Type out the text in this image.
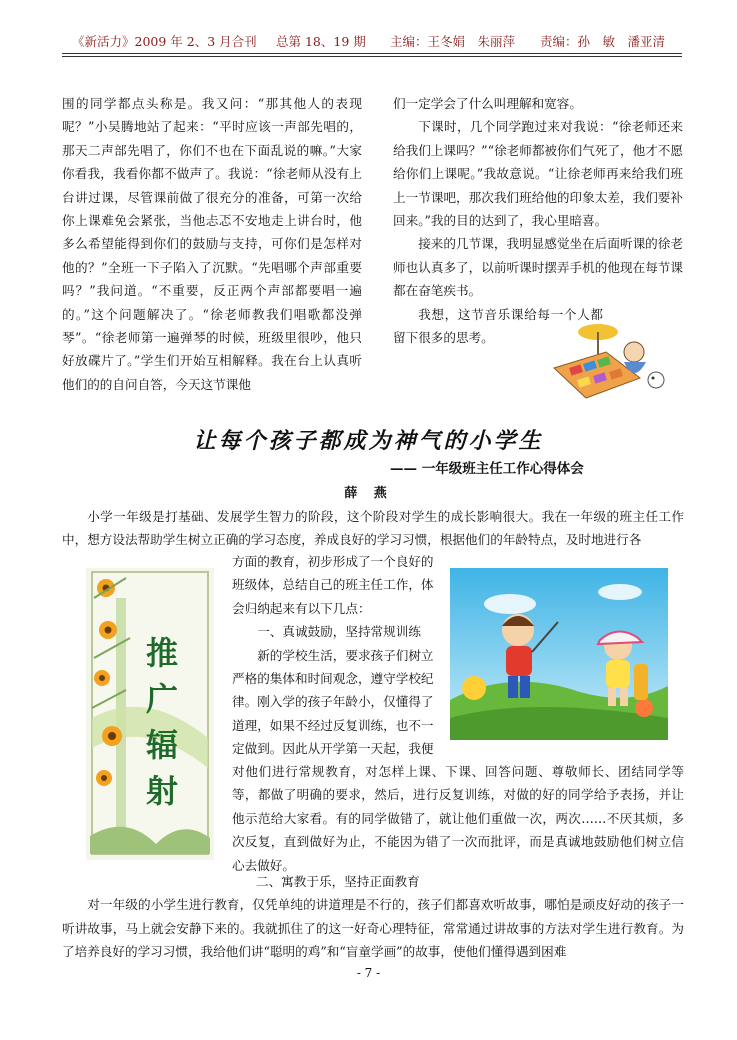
《新活力》2009 年 2、3 月合刊 总第 18、19 期 主编：王冬娟　朱丽萍 责编：孙　敏　潘亚清

围的同学都点头称是。我又问：“那其他人的表现呢？”小吴腾地站了起来：“平时应该一声部先唱的，那天二声部先唱了，你们不也在下面乱说的嘛。”大家你看我，我看你都不做声了。我说：“徐老师从没有上台讲过课，尽管课前做了很充分的准备，可第一次给你上课难免会紧张，当他忐忑不安地走上讲台时，他多么希望能得到你们的鼓励与支持，可你们是怎样对他的？”全班一下子陷入了沉默。“先唱哪个声部重要吗？”我问道。“不重要，反正两个声部都要唱一遍的。”这个问题解决了。“徐老师教我们唱歌都没弹琴”。“徐老师第一遍弹琴的时候，班级里很吵，他只好放碟片了。”学生们开始互相解释。我在台上认真听他们的的自问自答，今天这节课他

们一定学会了什么叫理解和宽容。

下课时，几个同学跑过来对我说：“徐老师还来给我们上课吗？”“徐老师都被你们气死了，他才不愿给你们上课呢。”我故意说。“让徐老师再来给我们班上一节课吧，那次我们班给他的印象太差，我们要补回来。”我的目的达到了，我心里暗喜。

接来的几节课，我明显感觉坐在后面听课的徐老师也认真多了，以前听课时摆弄手机的他现在每节课都在奋笔疾书。

我想，这节音乐课给每一个人都留下很多的思考。

让每个孩子都成为神气的小学生
—— 一年级班主任工作心得体会
薛 燕

小学一年级是打基础、发展学生智力的阶段，这个阶段对学生的成长影响很大。我在一年级的班主任工作中，想方设法帮助学生树立正确的学习态度，养成良好的学习习惯，根据他们的年龄特点，及时地进行各

推广辐射

方面的教育，初步形成了一个良好的

班级体，总结自己的班主任工作，体

会归纳起来有以下几点：

一、真诚鼓励，坚持常规训练

新的学校生活，要求孩子们树立

严格的集体和时间观念，遵守学校纪

律。刚入学的孩子年龄小，仅懂得了

道理，如果不经过反复训练，也不一

定做到。因此从开学第一天起，我便

对他们进行常规教育，对怎样上课、下课、回答问题、尊敬师长、团结同学等等，都做了明确的要求，然后，进行反复训练，对做的好的同学给予表扬，并让他示范给大家看。有的同学做错了，就让他们重做一次，两次……不厌其烦，多次反复，直到做好为止，不能因为错了一次而批评，而是真诚地鼓励他们树立信心去做好。

二、寓教于乐，坚持正面教育

对一年级的小学生进行教育，仅凭单纯的讲道理是不行的，孩子们都喜欢听故事，哪怕是顽皮好动的孩子一听讲故事，马上就会安静下来的。我就抓住了的这一好奇心理特征，常常通过讲故事的方法对学生进行教育。为了培养良好的学习习惯，我给他们讲“聪明的鸡”和“盲童学画”的故事，使他们懂得遇到困难

- 7 -
